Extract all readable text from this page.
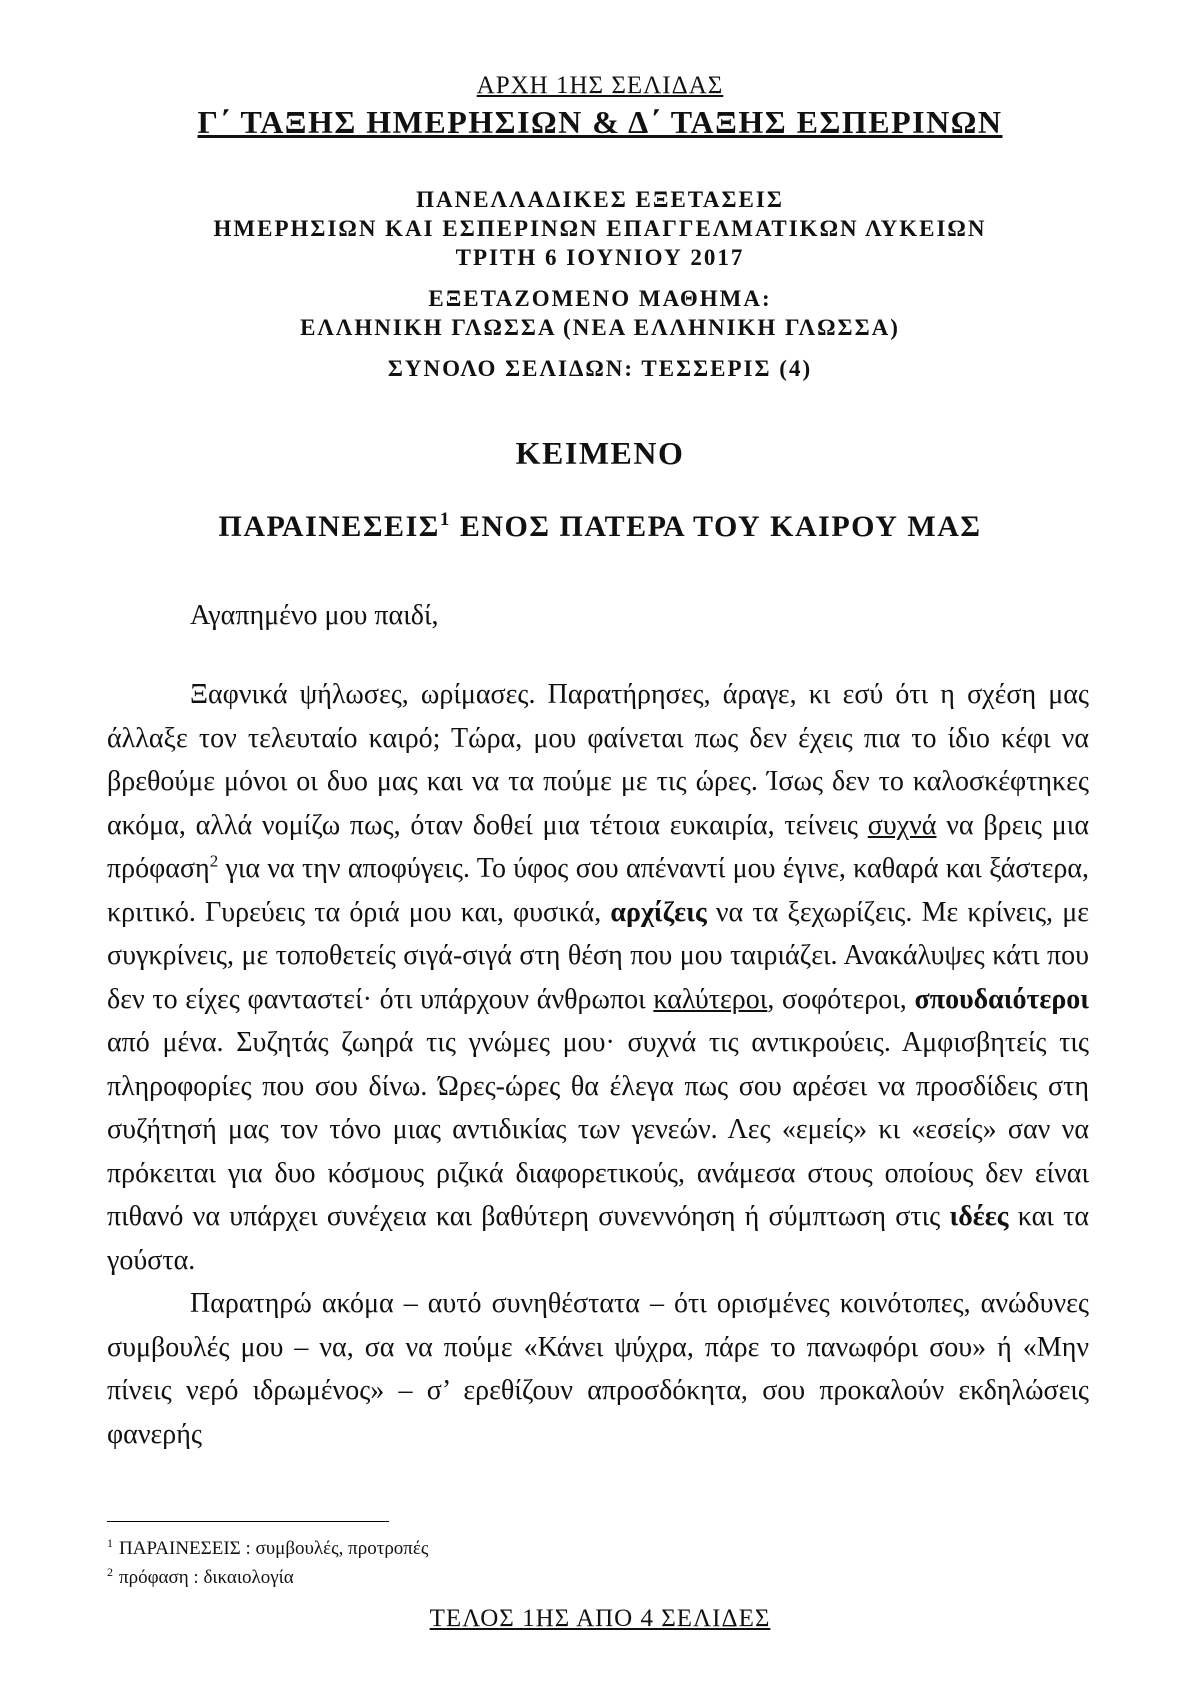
ΑΡΧΗ 1ΗΣ ΣΕΛΙΔΑΣ
Γ΄ ΤΑΞΗΣ ΗΜΕΡΗΣΙΩΝ & Δ΄ ΤΑΞΗΣ ΕΣΠΕΡΙΝΩΝ
ΠΑΝΕΛΛΑΔΙΚΕΣ ΕΞΕΤΑΣΕΙΣ
ΗΜΕΡΗΣΙΩΝ ΚΑΙ ΕΣΠΕΡΙΝΩΝ ΕΠΑΓΓΕΛΜΑΤΙΚΩΝ ΛΥΚΕΙΩΝ
ΤΡΙΤΗ 6 ΙΟΥΝΙΟΥ 2017
ΕΞΕΤΑΖΟΜΕΝΟ ΜΑΘΗΜΑ:
ΕΛΛΗΝΙΚΗ ΓΛΩΣΣΑ (ΝΕΑ ΕΛΛΗΝΙΚΗ ΓΛΩΣΣΑ)
ΣΥΝΟΛΟ ΣΕΛΙΔΩΝ: ΤΕΣΣΕΡΙΣ (4)
ΚΕΙΜΕΝΟ
ΠΑΡΑΙΝΕΣΕΙΣ$^1$ ΕΝΟΣ ΠΑΤΕΡΑ ΤΟΥ ΚΑΙΡΟΥ ΜΑΣ
Αγαπημένο μου παιδί,

Ξαφνικά ψήλωσες, ωρίμασες. Παρατήρησες, άραγε, κι εσύ ότι η σχέση μας άλλαξε τον τελευταίο καιρό; Τώρα, μου φαίνεται πως δεν έχεις πια το ίδιο κέφι να βρεθούμε μόνοι οι δυο μας και να τα πούμε με τις ώρες. Ίσως δεν το καλοσκέφτηκες ακόμα, αλλά νομίζω πως, όταν δοθεί μια τέτοια ευκαιρία, τείνεις συχνά να βρεις μια πρόφαση$^2$ για να την αποφύγεις. Το ύφος σου απέναντί μου έγινε, καθαρά και ξάστερα, κριτικό. Γυρεύεις τα όριά μου και, φυσικά, αρχίζεις να τα ξεχωρίζεις. Με κρίνεις, με συγκρίνεις, με τοποθετείς σιγά-σιγά στη θέση που μου ταιριάζει. Ανακάλυψες κάτι που δεν το είχες φανταστεί· ότι υπάρχουν άνθρωποι καλύτεροι, σοφότεροι, σπουδαιότεροι από μένα. Συζητάς ζωηρά τις γνώμες μου· συχνά τις αντικρούεις. Αμφισβητείς τις πληροφορίες που σου δίνω. Ώρες-ώρες θα έλεγα πως σου αρέσει να προσδίδεις στη συζήτησή μας τον τόνο μιας αντιδικίας των γενεών. Λες «εμείς» κι «εσείς» σαν να πρόκειται για δυο κόσμους ριζικά διαφορετικούς, ανάμεσα στους οποίους δεν είναι πιθανό να υπάρχει συνέχεια και βαθύτερη συνεννόηση ή σύμπτωση στις ιδέες και τα γούστα.

Παρατηρώ ακόμα – αυτό συνηθέστατα – ότι ορισμένες κοινότοπες, ανώδυνες συμβουλές μου – να, σα να πούμε «Κάνει ψύχρα, πάρε το πανωφόρι σου» ή «Μην πίνεις νερό ιδρωμένος» – σ’ ερεθίζουν απροσδόκητα, σου προκαλούν εκδηλώσεις φανερής

$^1$ ΠΑΡΑΙΝΕΣΕΙΣ : συμβουλές, προτροπές
$^2$ πρόφαση : δικαιολογία
ΤΕΛΟΣ 1ΗΣ ΑΠΟ 4 ΣΕΛΙΔΕΣ
